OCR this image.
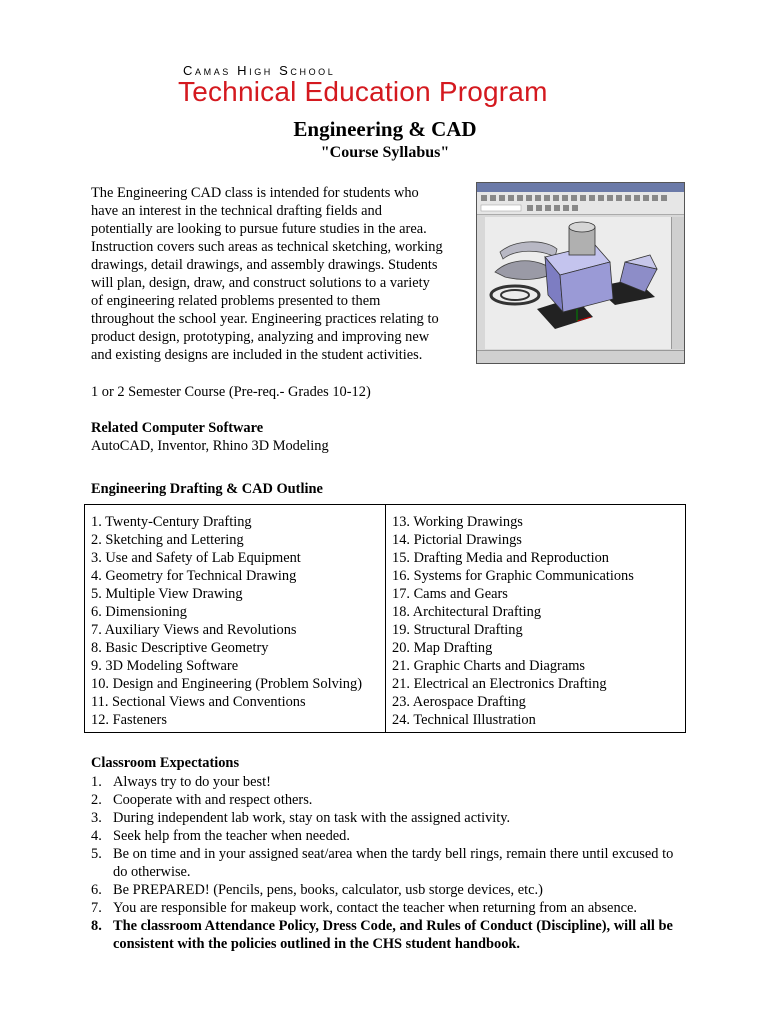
Camas High School
Technical Education Program
Engineering & CAD
"Course Syllabus"
The Engineering CAD class is intended for students who
have an interest in the technical drafting fields and
potentially are looking to pursue future studies in the area.
Instruction covers such areas as technical sketching, working
drawings, detail drawings, and assembly drawings. Students
will plan, design, draw, and construct solutions to a variety
of engineering related problems presented to them
throughout the school year. Engineering practices relating to
product design, prototyping, analyzing and improving new
and existing designs are included in the student activities.
1 or 2 Semester Course (Pre-req.- Grades 10-12)
Related Computer Software
AutoCAD, Inventor, Rhino 3D Modeling
Engineering Drafting & CAD Outline
1. Twenty-Century Drafting
2. Sketching and Lettering
3. Use and Safety of Lab Equipment
4. Geometry for Technical Drawing
5. Multiple View Drawing
6. Dimensioning
7. Auxiliary Views and Revolutions
8. Basic Descriptive Geometry
9. 3D Modeling Software
10. Design and Engineering (Problem Solving)
11. Sectional Views and Conventions
12. Fasteners
13. Working Drawings
14. Pictorial Drawings
15. Drafting Media and Reproduction
16. Systems for Graphic Communications
17. Cams and Gears
18. Architectural Drafting
19. Structural Drafting
20. Map Drafting
21. Graphic Charts and Diagrams
21. Electrical an Electronics Drafting
23. Aerospace Drafting
24. Technical Illustration
Classroom Expectations
1. Always try to do your best!
2. Cooperate with and respect others.
3. During independent lab work, stay on task with the assigned activity.
4. Seek help from the teacher when needed.
5. Be on time and in your assigned seat/area when the tardy bell rings, remain there until excused to do otherwise.
6. Be PREPARED! (Pencils, pens, books, calculator, usb storge devices, etc.)
7. You are responsible for makeup work, contact the teacher when returning from an absence.
8. The classroom Attendance Policy, Dress Code, and Rules of Conduct (Discipline), will all be consistent with the policies outlined in the CHS student handbook.
